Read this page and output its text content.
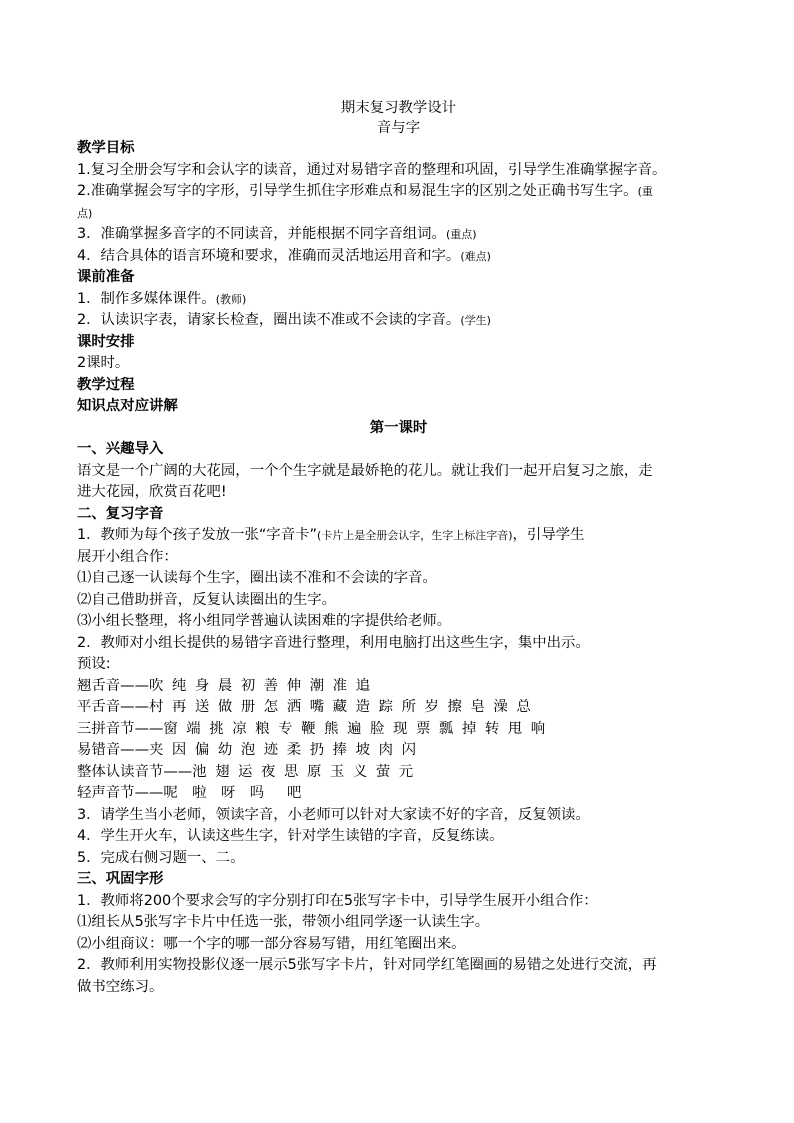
期末复习教学设计
音与字
教学目标
1.复习全册会写字和会认字的读音，通过对易错字音的整理和巩固，引导学生准确掌握字音。
2.准确掌握会写字的字形，引导学生抓住字形难点和易混生字的区别之处正确书写生字。(重
点)
3．准确掌握多音字的不同读音，并能根据不同字音组词。(重点)
4．结合具体的语言环境和要求，准确而灵活地运用音和字。(难点)
课前准备
1．制作多媒体课件。(教师)
2．认读识字表，请家长检查，圈出读不准或不会读的字音。(学生)
课时安排
2课时。
教学过程
知识点对应讲解
第一课时
一、兴趣导入
语文是一个广阔的大花园，一个个生字就是最娇艳的花儿。就让我们一起开启复习之旅，走
进大花园，欣赏百花吧!
二、复习字音
1．教师为每个孩子发放一张“字音卡”(卡片上是全册会认字，生字上标注字音)，引导学生
展开小组合作：
⑴自己逐一认读每个生字，圈出读不准和不会读的字音。
⑵自己借助拼音，反复认读圈出的生字。
⑶小组长整理，将小组同学普遍认读困难的字提供给老师。
2．教师对小组长提供的易错字音进行整理，利用电脑打出这些生字，集中出示。
预设:
翘舌音——吹 纯 身 晨 初 善 伸 潮 准 追
平舌音——村 再 送 做 册 怎 洒 嘴 藏 造 踪 所 岁 擦 皂 澡 总
三拼音节——窗 端 挑 凉 粮 专 鞭 熊 遍 脸 现 票 瓢 掉 转 甩 响
易错音——夹 因 偏 幼 泡 迹 柔 扔 捧 坡 肉 闪
整体认读音节——池 翅 运 夜 思 原 玉 义 萤 元
轻声音节——呢　啦　呀　吗　 吧
3．请学生当小老师，领读字音，小老师可以针对大家读不好的字音，反复领读。
4．学生开火车，认读这些生字，针对学生读错的字音，反复练读。
5．完成右侧习题一、二。
三、巩固字形
1．教师将200个要求会写的字分别打印在5张写字卡中，引导学生展开小组合作：
⑴组长从5张写字卡片中任选一张，带领小组同学逐一认读生字。
⑵小组商议：哪一个字的哪一部分容易写错，用红笔圈出来。
2．教师利用实物投影仪逐一展示5张写字卡片，针对同学红笔圈画的易错之处进行交流，再
做书空练习。
